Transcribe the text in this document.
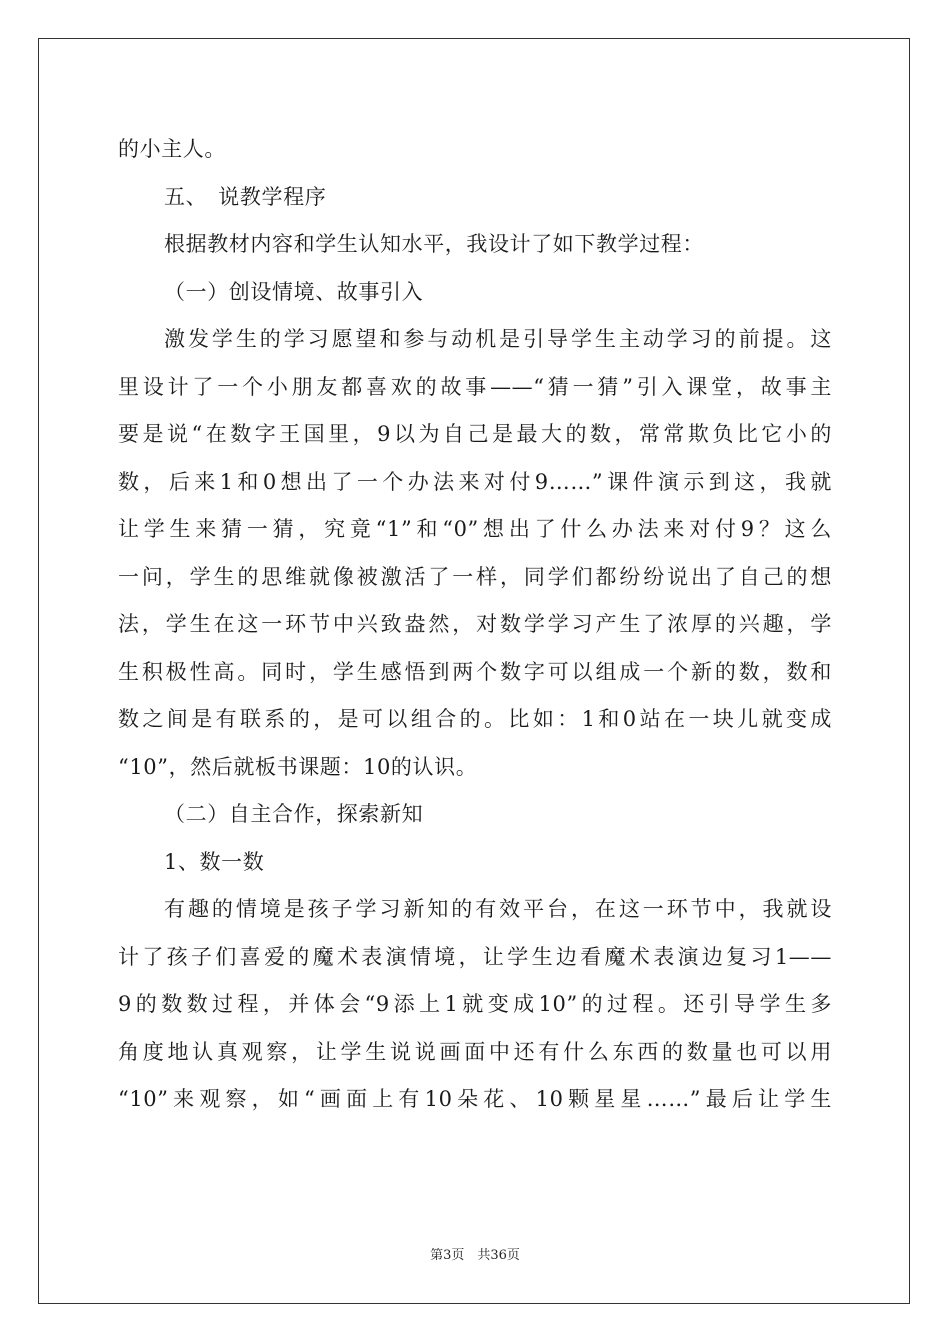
的小主人。
五、　说教学程序
根据教材内容和学生认知水平，我设计了如下教学过程：
（一）创设情境、故事引入
激发学生的学习愿望和参与动机是引导学生主动学习的前提。这
里设计了一个小朋友都喜欢的故事——“猜一猜”引入课堂，故事主
要是说“在数字王国里，9以为自己是最大的数，常常欺负比它小的
数，后来1和0想出了一个办法来对付9……”课件演示到这，我就
让学生来猜一猜，究竟“1”和“0”想出了什么办法来对付9？这么
一问，学生的思维就像被激活了一样，同学们都纷纷说出了自己的想
法，学生在这一环节中兴致盎然，对数学学习产生了浓厚的兴趣，学
生积极性高。同时，学生感悟到两个数字可以组成一个新的数，数和
数之间是有联系的，是可以组合的。比如：1和0站在一块儿就变成
“10”，然后就板书课题：10的认识。
（二）自主合作，探索新知
1、数一数
有趣的情境是孩子学习新知的有效平台，在这一环节中，我就设
计了孩子们喜爱的魔术表演情境，让学生边看魔术表演边复习1——
9的数数过程，并体会“9添上1就变成10”的过程。还引导学生多
角度地认真观察，让学生说说画面中还有什么东西的数量也可以用
“10”来观察，如“画面上有10朵花、10颗星星……”最后让学生
第3页　共36页
